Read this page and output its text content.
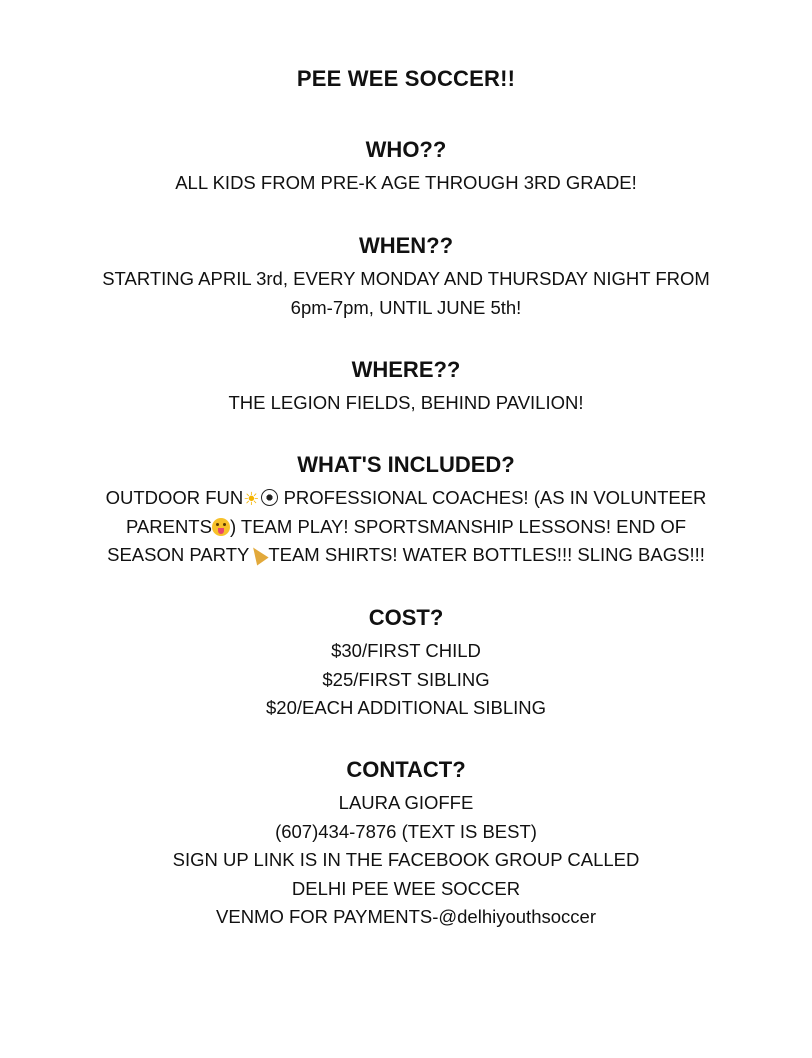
PEE WEE SOCCER!!
WHO??
ALL KIDS FROM PRE-K AGE THROUGH 3RD GRADE!
WHEN??
STARTING APRIL 3rd, EVERY MONDAY AND THURSDAY NIGHT FROM
6pm-7pm, UNTIL JUNE 5th!
WHERE??
THE LEGION FIELDS, BEHIND PAVILION!
WHAT'S INCLUDED?
OUTDOOR FUN☀ PROFESSIONAL COACHES! (AS IN VOLUNTEER
PARENTS ) TEAM PLAY! SPORTSMANSHIP LESSONS! END OF
SEASON PARTY TEAM SHIRTS! WATER BOTTLES!!! SLING BAGS!!!
COST?
$30/FIRST CHILD
$25/FIRST SIBLING
$20/EACH ADDITIONAL SIBLING
CONTACT?
LAURA GIOFFE
(607)434-7876 (TEXT IS BEST)
SIGN UP LINK IS IN THE FACEBOOK GROUP CALLED
DELHI PEE WEE SOCCER
VENMO FOR PAYMENTS-@delhiyouthsoccer
